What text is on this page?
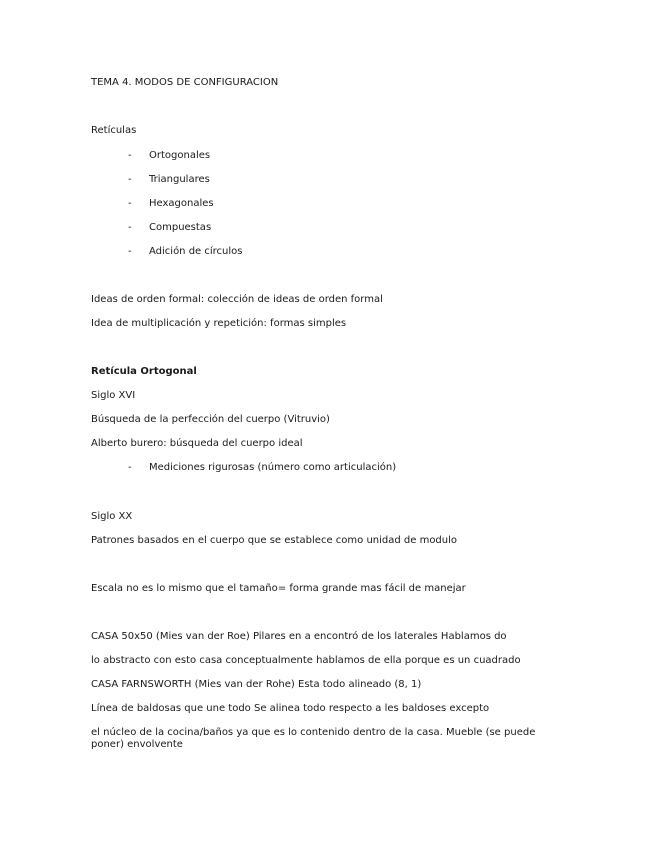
TEMA 4. MODOS DE CONFIGURACION
Retículas
- Ortogonales
- Triangulares
- Hexagonales
- Compuestas
- Adición de círculos
Ideas de orden formal: colección de ideas de orden formal
Idea de multiplicación y repetición: formas simples
Retícula Ortogonal
Siglo XVI
Búsqueda de la perfección del cuerpo (Vitruvio)
Alberto burero: búsqueda del cuerpo ideal
- Mediciones rigurosas (número como articulación)
Siglo XX
Patrones basados en el cuerpo que se establece como unidad de modulo
Escala no es lo mismo que el tamaño= forma grande mas fácil de manejar
CASA 50x50 (Mies van der Roe) Pilares en a encontró de los laterales Hablamos do
lo abstracto con esto casa conceptualmente hablamos de ella porque es un cuadrado
CASA FARNSWORTH (Mies van der Rohe) Esta todo alineado (8, 1)
Línea de baldosas que une todo Se alinea todo respecto a les baldoses excepto
el núcleo de la cocina/baños ya que es lo contenido dentro de la casa. Mueble (se puede poner) envolvente
